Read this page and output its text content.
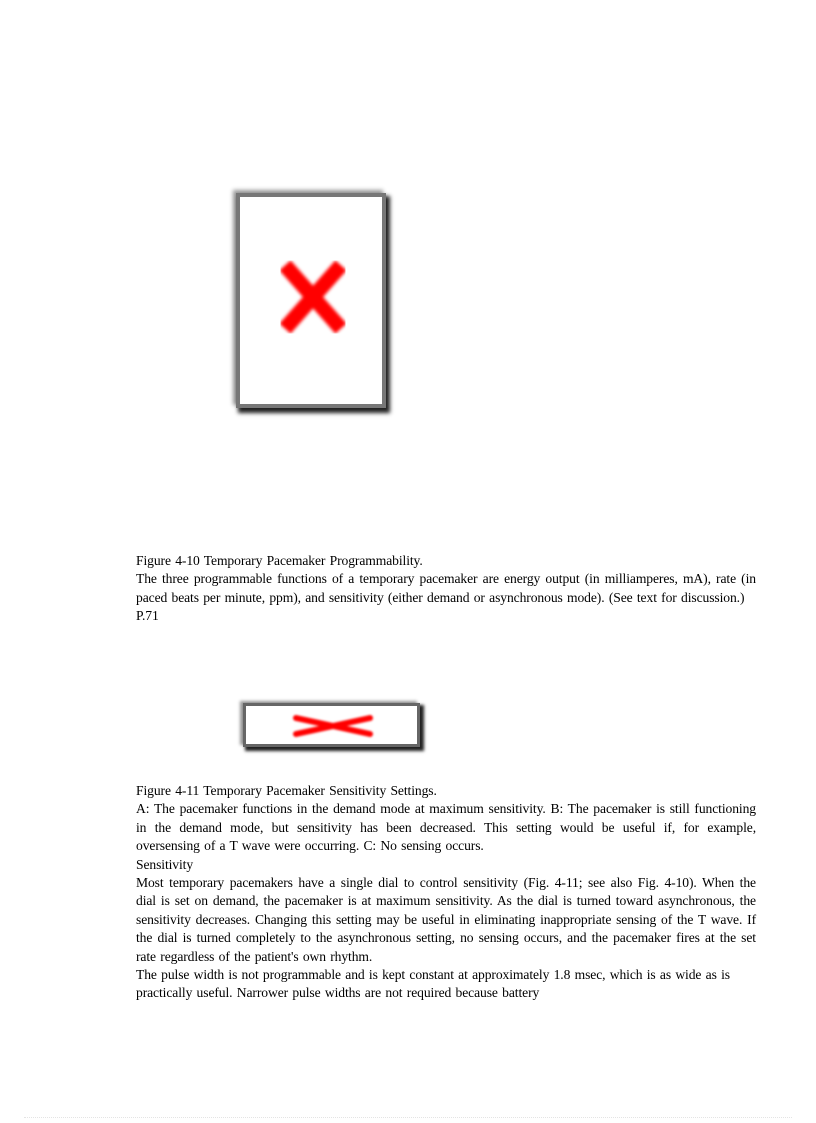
Figure 4-10 Temporary Pacemaker Programmability.

The three programmable functions of a temporary pacemaker are energy output (in milliamperes, mA), rate (in paced beats per minute, ppm), and sensitivity (either demand or asynchronous mode). (See text for discussion.)

P.71

Figure 4-11 Temporary Pacemaker Sensitivity Settings.

A: The pacemaker functions in the demand mode at maximum sensitivity. B: The pacemaker is still functioning in the demand mode, but sensitivity has been decreased. This setting would be useful if, for example, oversensing of a T wave were occurring. C: No sensing occurs.

Sensitivity

Most temporary pacemakers have a single dial to control sensitivity (Fig. 4-11; see also Fig. 4-10). When the dial is set on demand, the pacemaker is at maximum sensitivity. As the dial is turned toward asynchronous, the sensitivity decreases. Changing this setting may be useful in eliminating inappropriate sensing of the T wave. If the dial is turned completely to the asynchronous setting, no sensing occurs, and the pacemaker fires at the set rate regardless of the patient's own rhythm.

The pulse width is not programmable and is kept constant at approximately 1.8 msec, which is as wide as is practically useful. Narrower pulse widths are not required because battery
